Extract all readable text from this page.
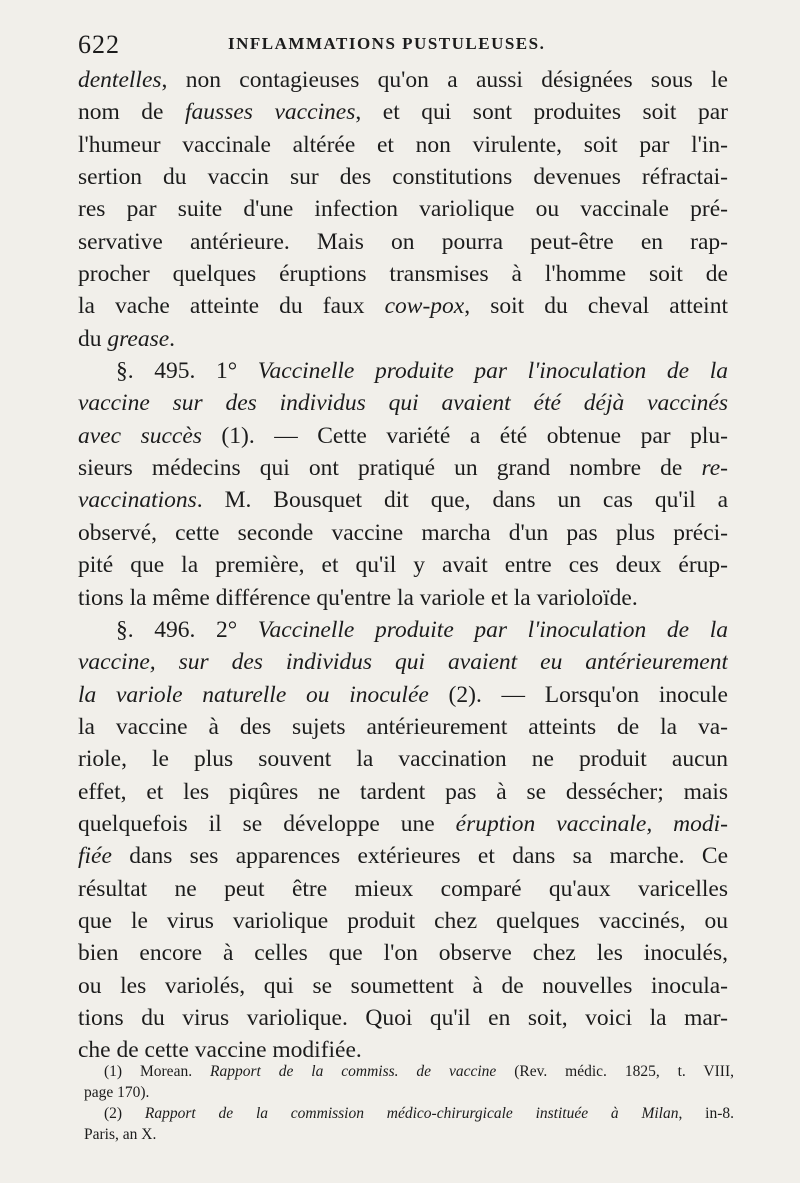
622	INFLAMMATIONS PUSTULEUSES.
dentelles, non contagieuses qu'on a aussi désignées sous le
nom de fausses vaccines, et qui sont produites soit par
l'humeur vaccinale altérée et non virulente, soit par l'in-
sertion du vaccin sur des constitutions devenues réfractai-
res par suite d'une infection variolique ou vaccinale pré-
servative antérieure. Mais on pourra peut-être en rap-
procher quelques éruptions transmises à l'homme soit de
la vache atteinte du faux cow-pox, soit du cheval atteint
du grease.
§. 495. 1° Vaccinelle produite par l'inoculation de la
vaccine sur des individus qui avaient été déjà vaccinés
avec succès (1). — Cette variété a été obtenue par plu-
sieurs médecins qui ont pratiqué un grand nombre de re-
vaccinations. M. Bousquet dit que, dans un cas qu'il a
observé, cette seconde vaccine marcha d'un pas plus préci-
pité que la première, et qu'il y avait entre ces deux érup-
tions la même différence qu'entre la variole et la varioloïde.
§. 496. 2° Vaccinelle produite par l'inoculation de la
vaccine, sur des individus qui avaient eu antérieurement
la variole naturelle ou inoculée (2). — Lorsqu'on inocule
la vaccine à des sujets antérieurement atteints de la va-
riole, le plus souvent la vaccination ne produit aucun
effet, et les piqûres ne tardent pas à se dessécher; mais
quelquefois il se développe une éruption vaccinale, modi-
fiée dans ses apparences extérieures et dans sa marche. Ce
résultat ne peut être mieux comparé qu'aux varicelles
que le virus variolique produit chez quelques vaccinés, ou
bien encore à celles que l'on observe chez les inoculés,
ou les variolés, qui se soumettent à de nouvelles inocula-
tions du virus variolique. Quoi qu'il en soit, voici la mar-
che de cette vaccine modifiée.
(1) Morean. Rapport de la commiss. de vaccine (Rev. médic. 1825, t. VIII,
page 170).
(2) Rapport de la commission médico-chirurgicale instituée à Milan, in-8.
Paris, an X.
